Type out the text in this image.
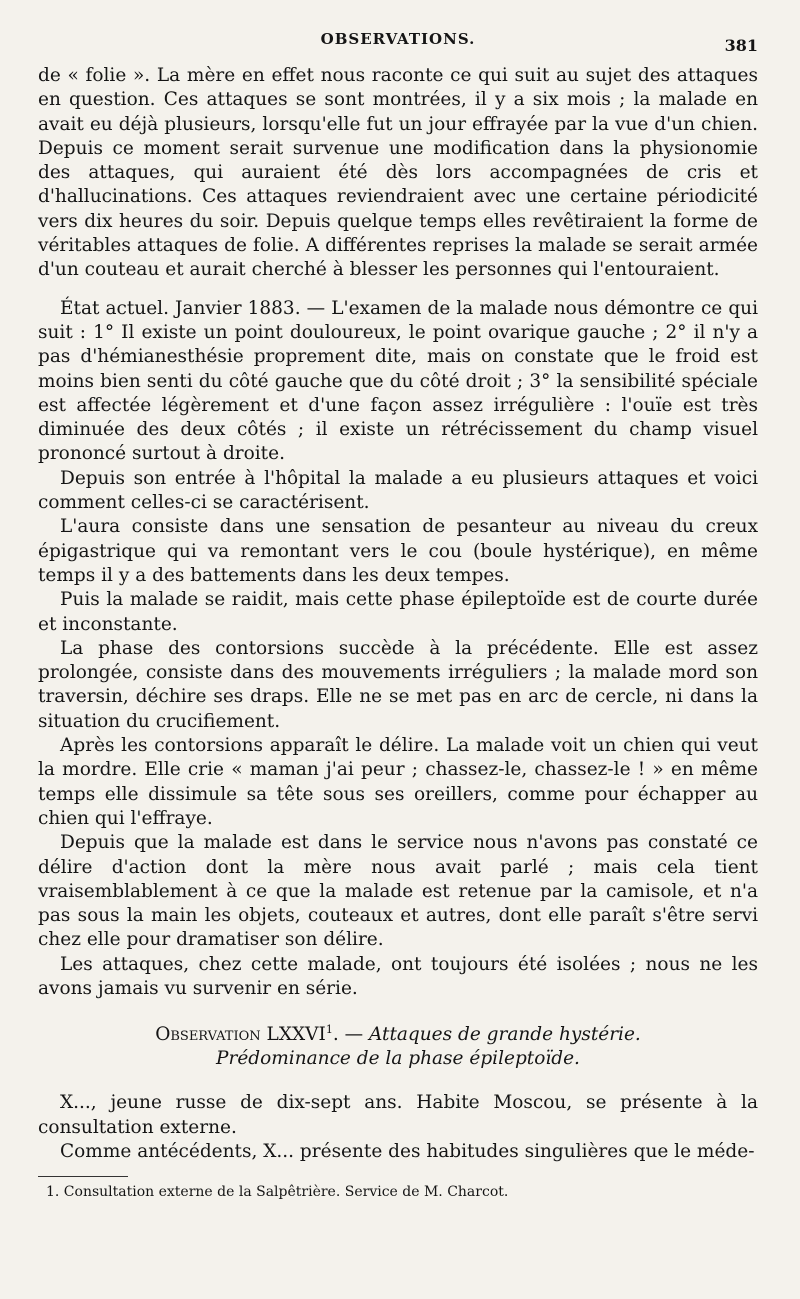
OBSERVATIONS.	381

de « folie ». La mère en effet nous raconte ce qui suit au sujet des attaques en question. Ces attaques se sont montrées, il y a six mois ; la malade en avait eu déjà plusieurs, lorsqu'elle fut un jour effrayée par la vue d'un chien. Depuis ce moment serait survenue une modification dans la physionomie des attaques, qui auraient été dès lors accompagnées de cris et d'hallucinations. Ces attaques reviendraient avec une certaine périodicité vers dix heures du soir. Depuis quelque temps elles revêtiraient la forme de véritables attaques de folie. A différentes reprises la malade se serait armée d'un couteau et aurait cherché à blesser les personnes qui l'entouraient.

État actuel. Janvier 1883. — L'examen de la malade nous démontre ce qui suit : 1° Il existe un point douloureux, le point ovarique gauche ; 2° il n'y a pas d'hémianesthésie proprement dite, mais on constate que le froid est moins bien senti du côté gauche que du côté droit ; 3° la sensibilité spéciale est affectée légèrement et d'une façon assez irrégulière : l'ouïe est très diminuée des deux côtés ; il existe un rétrécissement du champ visuel prononcé surtout à droite.

Depuis son entrée à l'hôpital la malade a eu plusieurs attaques et voici comment celles-ci se caractérisent.

L'aura consiste dans une sensation de pesanteur au niveau du creux épigastrique qui va remontant vers le cou (boule hystérique), en même temps il y a des battements dans les deux tempes.

Puis la malade se raidit, mais cette phase épileptoïde est de courte durée et inconstante.

La phase des contorsions succède à la précédente. Elle est assez prolongée, consiste dans des mouvements irréguliers ; la malade mord son traversin, déchire ses draps. Elle ne se met pas en arc de cercle, ni dans la situation du crucifiement.

Après les contorsions apparaît le délire. La malade voit un chien qui veut la mordre. Elle crie « maman j'ai peur ; chassez-le, chassez-le ! » en même temps elle dissimule sa tête sous ses oreillers, comme pour échapper au chien qui l'effraye.

Depuis que la malade est dans le service nous n'avons pas constaté ce délire d'action dont la mère nous avait parlé ; mais cela tient vraisemblablement à ce que la malade est retenue par la camisole, et n'a pas sous la main les objets, couteaux et autres, dont elle paraît s'être servi chez elle pour dramatiser son délire.

Les attaques, chez cette malade, ont toujours été isolées ; nous ne les avons jamais vu survenir en série.

Observation LXXVI$^1$. — Attaques de grande hystérie.
Prédominance de la phase épileptoïde.

X..., jeune russe de dix-sept ans. Habite Moscou, se présente à la consultation externe.

Comme antécédents, X... présente des habitudes singulières que le méde-

1. Consultation externe de la Salpêtrière. Service de M. Charcot.
